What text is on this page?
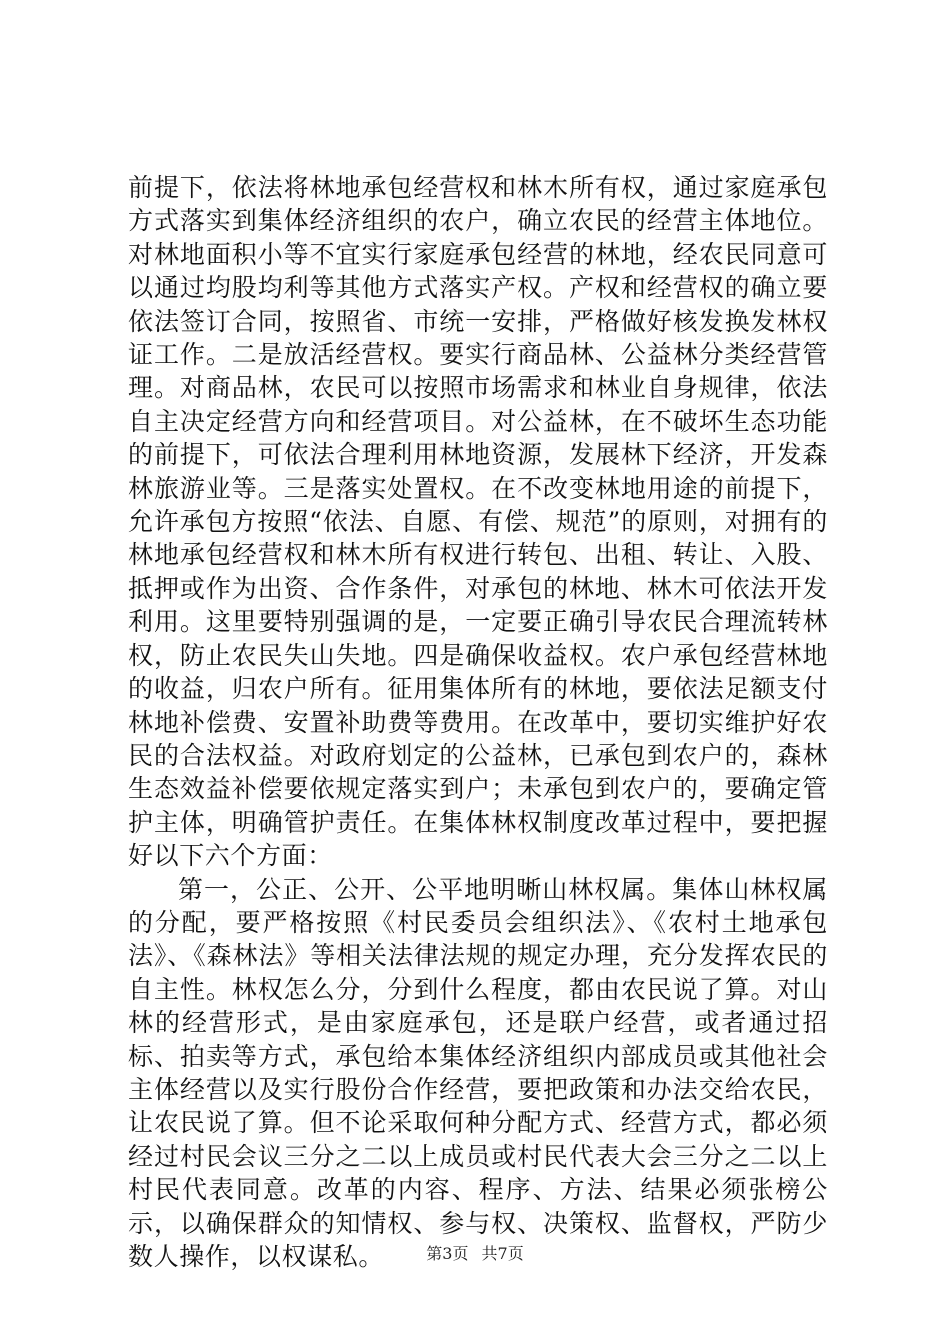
前提下，依法将林地承包经营权和林木所有权，通过家庭承包方式落实到集体经济组织的农户，确立农民的经营主体地位。对林地面积小等不宜实行家庭承包经营的林地，经农民同意可以通过均股均利等其他方式落实产权。产权和经营权的确立要依法签订合同，按照省、市统一安排，严格做好核发换发林权证工作。二是放活经营权。要实行商品林、公益林分类经营管理。对商品林，农民可以按照市场需求和林业自身规律，依法自主决定经营方向和经营项目。对公益林，在不破坏生态功能的前提下，可依法合理利用林地资源，发展林下经济，开发森林旅游业等。三是落实处置权。在不改变林地用途的前提下，允许承包方按照“依法、自愿、有偿、规范”的原则，对拥有的林地承包经营权和林木所有权进行转包、出租、转让、入股、抵押或作为出资、合作条件，对承包的林地、林木可依法开发利用。这里要特别强调的是，一定要正确引导农民合理流转林权，防止农民失山失地。四是确保收益权。农户承包经营林地的收益，归农户所有。征用集体所有的林地，要依法足额支付林地补偿费、安置补助费等费用。在改革中，要切实维护好农民的合法权益。对政府划定的公益林，已承包到农户的，森林生态效益补偿要依规定落实到户；未承包到农户的，要确定管护主体，明确管护责任。在集体林权制度改革过程中，要把握好以下六个方面：

第一，公正、公开、公平地明晰山林权属。集体山林权属的分配，要严格按照《村民委员会组织法》、《农村土地承包法》、《森林法》等相关法律法规的规定办理，充分发挥农民的自主性。林权怎么分，分到什么程度，都由农民说了算。对山林的经营形式，是由家庭承包，还是联户经营，或者通过招标、拍卖等方式，承包给本集体经济组织内部成员或其他社会主体经营以及实行股份合作经营，要把政策和办法交给农民，让农民说了算。但不论采取何种分配方式、经营方式，都必须经过村民会议三分之二以上成员或村民代表大会三分之二以上村民代表同意。改革的内容、程序、方法、结果必须张榜公示，以确保群众的知情权、参与权、决策权、监督权，严防少数人操作，以权谋私。	第3页 共7页
